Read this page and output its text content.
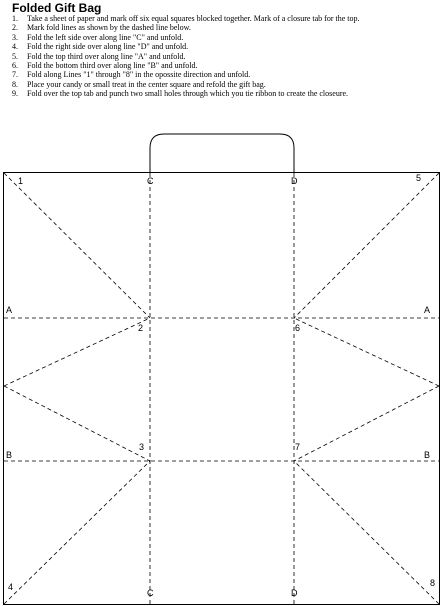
Folded Gift Bag
1. Take a sheet of paper and mark off six equal squares blocked together. Mark of a closure tab for the top.
2. Mark fold lines as shown by the dashed line below.
3. Fold the left side over along line "C" and unfold.
4. Fold the right side over along line "D" and unfold.
5. Fold the top third over along line "A" and unfold.
6. Fold the bottom third over along line "B" and unfold.
7. Fold along Lines "1" through "8" in the opossite direction and unfold.
8. Place your candy or small treat in the center square and refold the gift bag.
9. Fold over the top tab and punch two small holes through which you tie ribbon to create the closeure.
C
C
D
D
A	A
B	B
1
2
3
4
5
6
7
8
